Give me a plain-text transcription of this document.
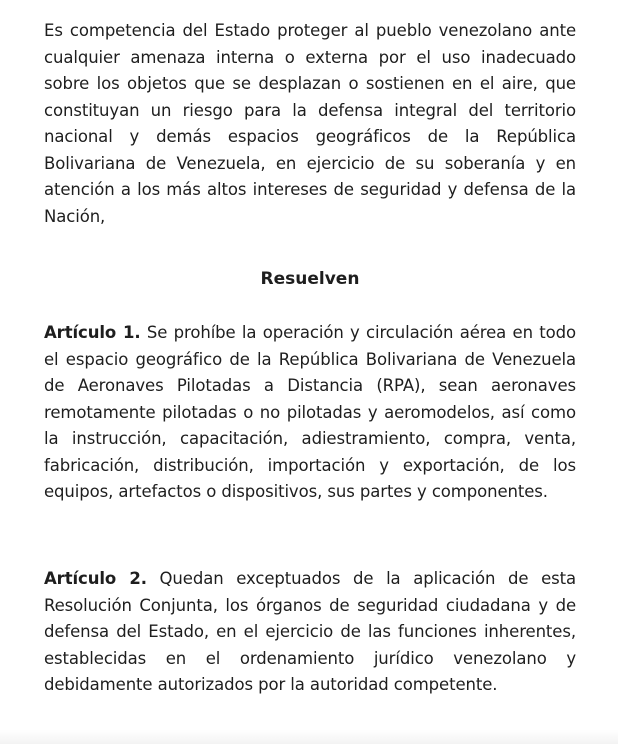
Es competencia del Estado proteger al pueblo venezolano ante cualquier amenaza interna o externa por el uso inadecuado sobre los objetos que se desplazan o sostienen en el aire, que constituyan un riesgo para la defensa integral del territorio nacional y demás espacios geográficos de la República Bolivariana de Venezuela, en ejercicio de su soberanía y en atención a los más altos intereses de seguridad y defensa de la Nación,

Resuelven

Artículo 1. Se prohíbe la operación y circulación aérea en todo el espacio geográfico de la República Bolivariana de Venezuela de Aeronaves Pilotadas a Distancia (RPA), sean aeronaves remotamente pilotadas o no pilotadas y aeromodelos, así como la instrucción, capacitación, adiestramiento, compra, venta, fabricación, distribución, importación y exportación, de los equipos, artefactos o dispositivos, sus partes y componentes.

Artículo 2. Quedan exceptuados de la aplicación de esta Resolución Conjunta, los órganos de seguridad ciudadana y de defensa del Estado, en el ejercicio de las funciones inherentes, establecidas en el ordenamiento jurídico venezolano y debidamente autorizados por la autoridad competente.
